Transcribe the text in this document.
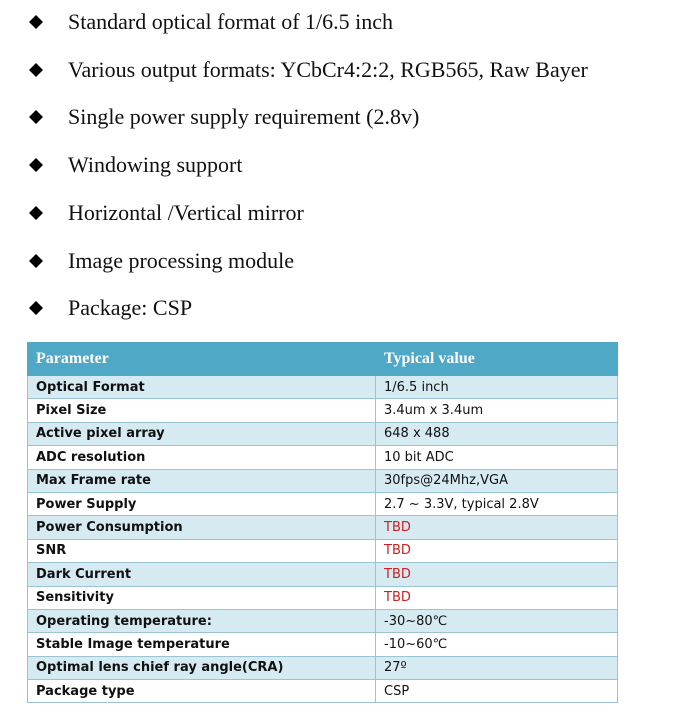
Standard optical format of 1/6.5 inch
Various output formats: YCbCr4:2:2, RGB565, Raw Bayer
Single power supply requirement (2.8v)
Windowing support
Horizontal /Vertical mirror
Image processing module
Package: CSP
Parameter	Typical value
Optical Format	1/6.5 inch
Pixel Size	3.4um x 3.4um
Active pixel array	648 x 488
ADC resolution	10 bit ADC
Max Frame rate	30fps@24Mhz,VGA
Power Supply	2.7 ~ 3.3V, typical 2.8V
Power Consumption	TBD
SNR	TBD
Dark Current	TBD
Sensitivity	TBD
Operating temperature:	-30~80℃
Stable Image temperature	-10~60℃
Optimal lens chief ray angle(CRA)	27º
Package type	CSP
